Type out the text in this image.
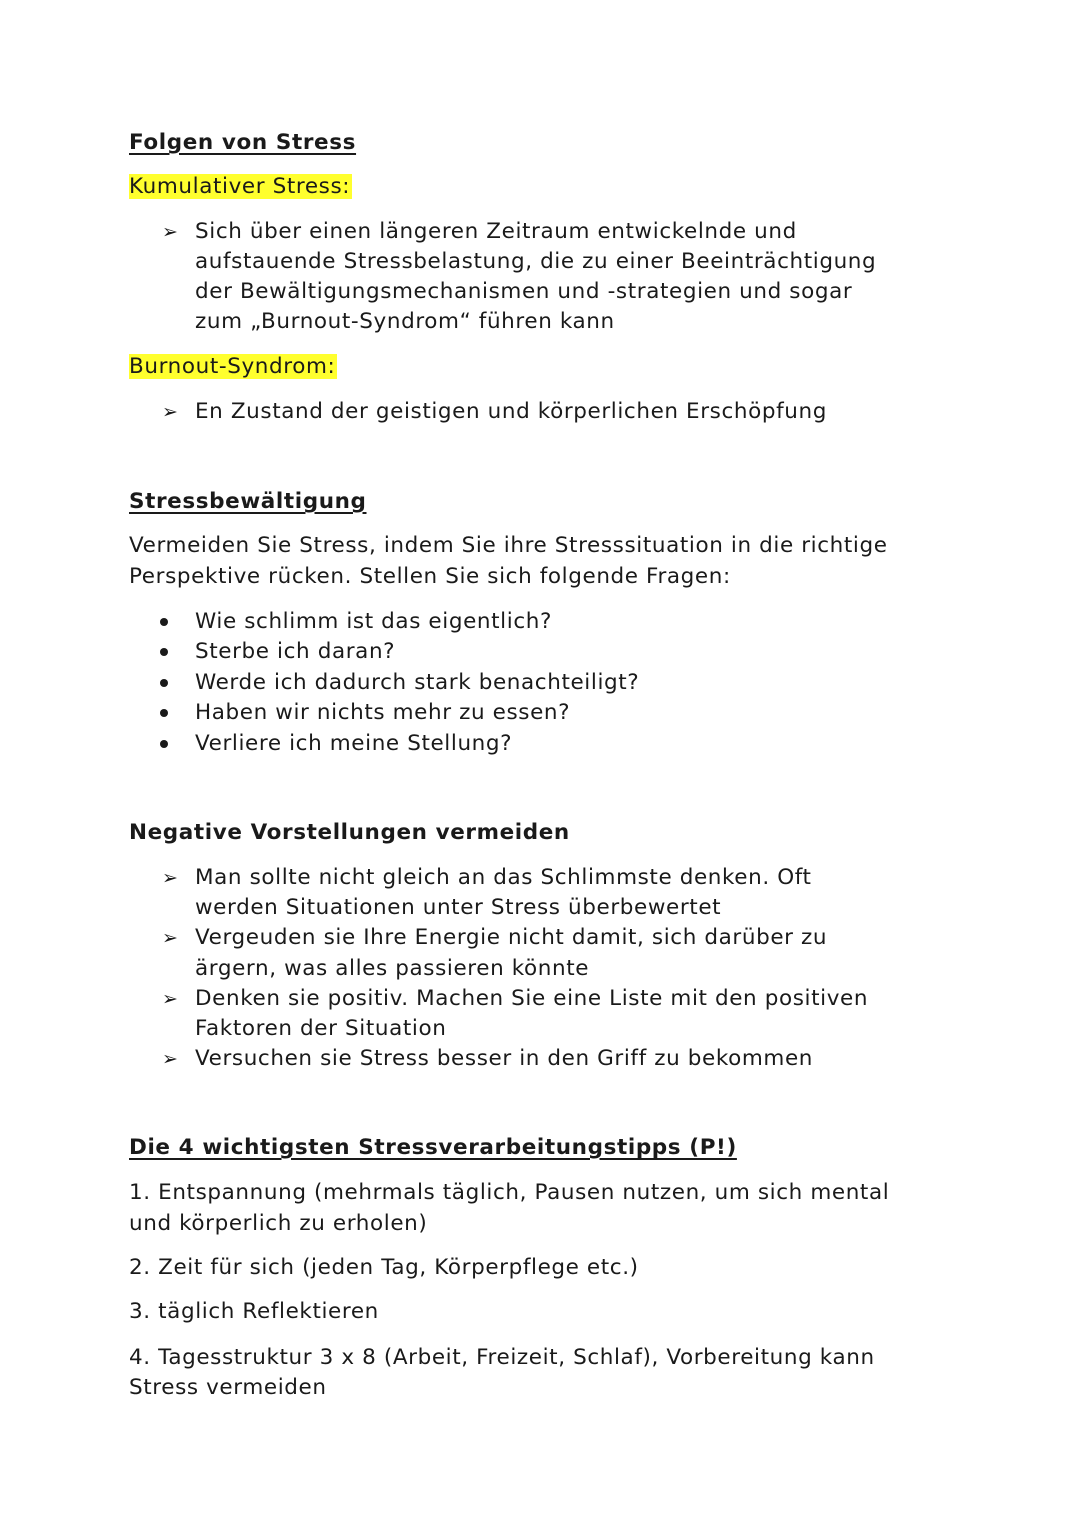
Folgen von Stress
Kumulativer Stress:
➢ Sich über einen längeren Zeitraum entwickelnde und
aufstauende Stressbelastung, die zu einer Beeinträchtigung
der Bewältigungsmechanismen und -strategien und sogar
zum „Burnout-Syndrom“ führen kann
Burnout-Syndrom:
➢ En Zustand der geistigen und körperlichen Erschöpfung
Stressbewältigung
Vermeiden Sie Stress, indem Sie ihre Stresssituation in die richtige
Perspektive rücken. Stellen Sie sich folgende Fragen:
Wie schlimm ist das eigentlich?
Sterbe ich daran?
Werde ich dadurch stark benachteiligt?
Haben wir nichts mehr zu essen?
Verliere ich meine Stellung?
Negative Vorstellungen vermeiden
➢ Man sollte nicht gleich an das Schlimmste denken. Oft
werden Situationen unter Stress überbewertet
➢ Vergeuden sie Ihre Energie nicht damit, sich darüber zu
ärgern, was alles passieren könnte
➢ Denken sie positiv. Machen Sie eine Liste mit den positiven
Faktoren der Situation
➢ Versuchen sie Stress besser in den Griff zu bekommen
Die 4 wichtigsten Stressverarbeitungstipps (P!)
1. Entspannung (mehrmals täglich, Pausen nutzen, um sich mental
und körperlich zu erholen)
2. Zeit für sich (jeden Tag, Körperpflege etc.)
3. täglich Reflektieren
4. Tagesstruktur 3 x 8 (Arbeit, Freizeit, Schlaf), Vorbereitung kann
Stress vermeiden
